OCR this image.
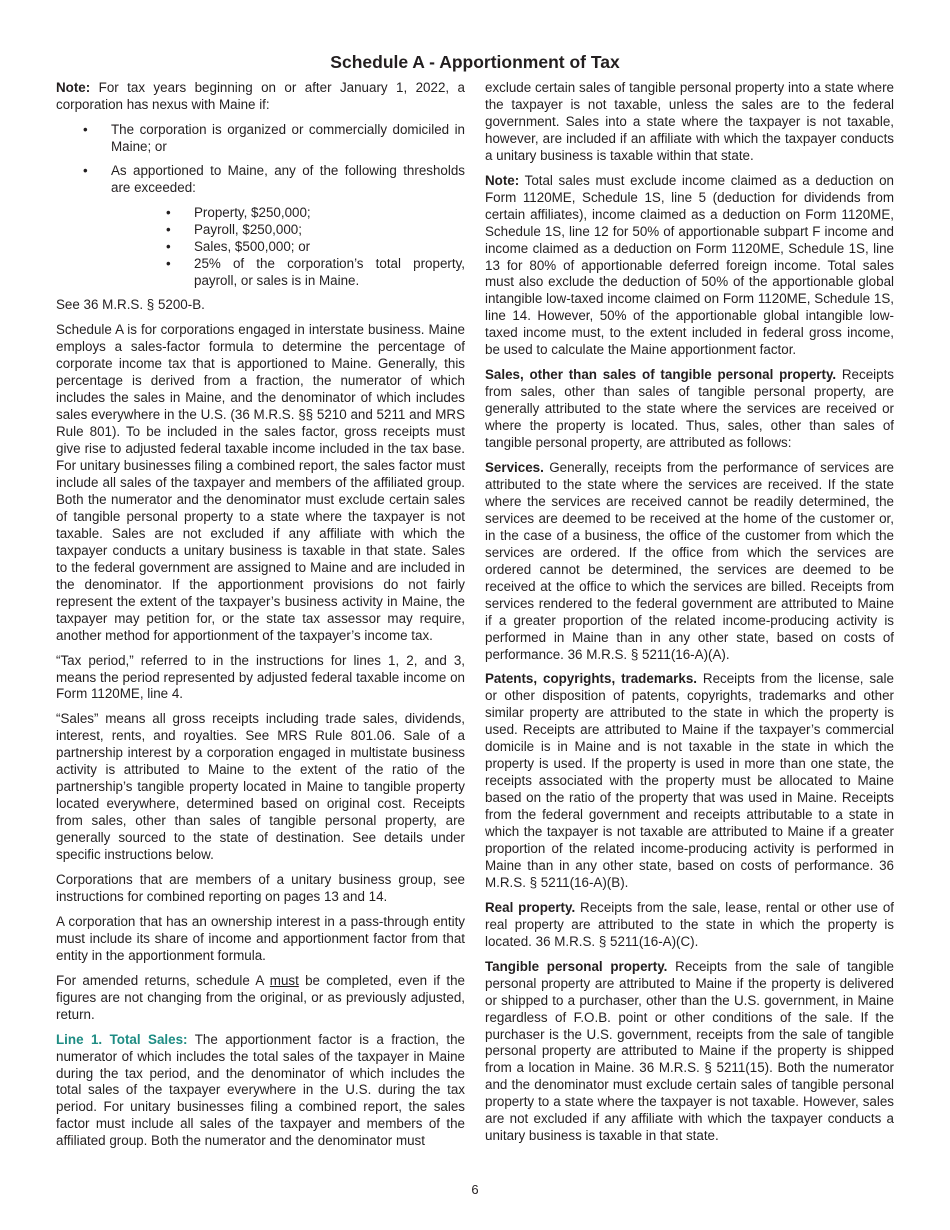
Schedule A - Apportionment of Tax

Note: For tax years beginning on or after January 1, 2022, a corporation has nexus with Maine if:

• The corporation is organized or commercially domiciled in Maine; or
• As apportioned to Maine, any of the following thresholds are exceeded:
• Property, $250,000;
• Payroll, $250,000;
• Sales, $500,000; or
• 25% of the corporation’s total property, payroll, or sales is in Maine.

See 36 M.R.S. § 5200-B.

Schedule A is for corporations engaged in interstate business. Maine employs a sales-factor formula to determine the percentage of corporate income tax that is apportioned to Maine. Generally, this percentage is derived from a fraction, the numerator of which includes the sales in Maine, and the denominator of which includes sales everywhere in the U.S. (36 M.R.S. §§ 5210 and 5211 and MRS Rule 801). To be included in the sales factor, gross receipts must give rise to adjusted federal taxable income included in the tax base. For unitary businesses filing a combined report, the sales factor must include all sales of the taxpayer and members of the affiliated group. Both the numerator and the denominator must exclude certain sales of tangible personal property to a state where the taxpayer is not taxable. Sales are not excluded if any affiliate with which the taxpayer conducts a unitary business is taxable in that state. Sales to the federal government are assigned to Maine and are included in the denominator. If the apportionment provisions do not fairly represent the extent of the taxpayer’s business activity in Maine, the taxpayer may petition for, or the state tax assessor may require, another method for apportionment of the taxpayer’s income tax.

“Tax period,” referred to in the instructions for lines 1, 2, and 3, means the period represented by adjusted federal taxable income on Form 1120ME, line 4.

“Sales” means all gross receipts including trade sales, dividends, interest, rents, and royalties. See MRS Rule 801.06. Sale of a partnership interest by a corporation engaged in multistate business activity is attributed to Maine to the extent of the ratio of the partnership’s tangible property located in Maine to tangible property located everywhere, determined based on original cost. Receipts from sales, other than sales of tangible personal property, are generally sourced to the state of destination. See details under specific instructions below.

Corporations that are members of a unitary business group, see instructions for combined reporting on pages 13 and 14.

A corporation that has an ownership interest in a pass-through entity must include its share of income and apportionment factor from that entity in the apportionment formula.

For amended returns, schedule A must be completed, even if the figures are not changing from the original, or as previously adjusted, return.

Line 1. Total Sales: The apportionment factor is a fraction, the numerator of which includes the total sales of the taxpayer in Maine during the tax period, and the denominator of which includes the total sales of the taxpayer everywhere in the U.S. during the tax period. For unitary businesses filing a combined report, the sales factor must include all sales of the taxpayer and members of the affiliated group. Both the numerator and the denominator must

exclude certain sales of tangible personal property into a state where the taxpayer is not taxable, unless the sales are to the federal government. Sales into a state where the taxpayer is not taxable, however, are included if an affiliate with which the taxpayer conducts a unitary business is taxable within that state.

Note: Total sales must exclude income claimed as a deduction on Form 1120ME, Schedule 1S, line 5 (deduction for dividends from certain affiliates), income claimed as a deduction on Form 1120ME, Schedule 1S, line 12 for 50% of apportionable subpart F income and income claimed as a deduction on Form 1120ME, Schedule 1S, line 13 for 80% of apportionable deferred foreign income. Total sales must also exclude the deduction of 50% of the apportionable global intangible low-taxed income claimed on Form 1120ME, Schedule 1S, line 14. However, 50% of the apportionable global intangible low-taxed income must, to the extent included in federal gross income, be used to calculate the Maine apportionment factor.

Sales, other than sales of tangible personal property. Receipts from sales, other than sales of tangible personal property, are generally attributed to the state where the services are received or where the property is located. Thus, sales, other than sales of tangible personal property, are attributed as follows:

Services. Generally, receipts from the performance of services are attributed to the state where the services are received. If the state where the services are received cannot be readily determined, the services are deemed to be received at the home of the customer or, in the case of a business, the office of the customer from which the services are ordered. If the office from which the services are ordered cannot be determined, the services are deemed to be received at the office to which the services are billed. Receipts from services rendered to the federal government are attributed to Maine if a greater proportion of the related income-producing activity is performed in Maine than in any other state, based on costs of performance. 36 M.R.S. § 5211(16-A)(A).

Patents, copyrights, trademarks. Receipts from the license, sale or other disposition of patents, copyrights, trademarks and other similar property are attributed to the state in which the property is used. Receipts are attributed to Maine if the taxpayer’s commercial domicile is in Maine and is not taxable in the state in which the property is used. If the property is used in more than one state, the receipts associated with the property must be allocated to Maine based on the ratio of the property that was used in Maine. Receipts from the federal government and receipts attributable to a state in which the taxpayer is not taxable are attributed to Maine if a greater proportion of the related income-producing activity is performed in Maine than in any other state, based on costs of performance. 36 M.R.S. § 5211(16-A)(B).

Real property. Receipts from the sale, lease, rental or other use of real property are attributed to the state in which the property is located. 36 M.R.S. § 5211(16-A)(C).

Tangible personal property. Receipts from the sale of tangible personal property are attributed to Maine if the property is delivered or shipped to a purchaser, other than the U.S. government, in Maine regardless of F.O.B. point or other conditions of the sale. If the purchaser is the U.S. government, receipts from the sale of tangible personal property are attributed to Maine if the property is shipped from a location in Maine. 36 M.R.S. § 5211(15). Both the numerator and the denominator must exclude certain sales of tangible personal property to a state where the taxpayer is not taxable. However, sales are not excluded if any affiliate with which the taxpayer conducts a unitary business is taxable in that state.

6
